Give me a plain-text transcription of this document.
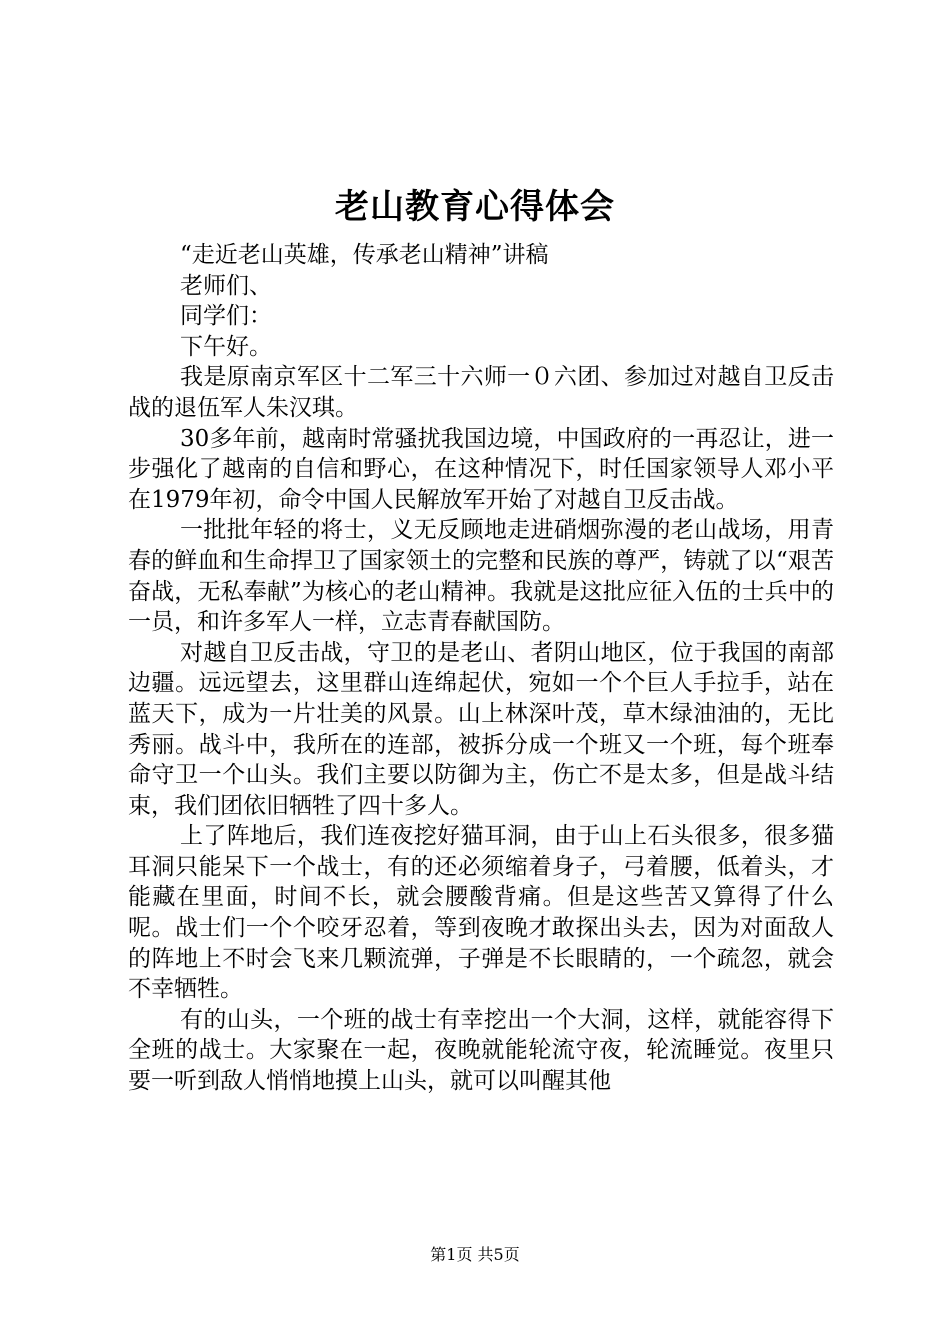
老山教育心得体会

“走近老山英雄，传承老山精神”讲稿

老师们、

同学们：

下午好。

我是原南京军区十二军三十六师一０六团、参加过对越自卫反击战的退伍军人朱汉琪。

30多年前，越南时常骚扰我国边境，中国政府的一再忍让，进一步强化了越南的自信和野心，在这种情况下，时任国家领导人邓小平在1979年初，命令中国人民解放军开始了对越自卫反击战。

一批批年轻的将士，义无反顾地走进硝烟弥漫的老山战场，用青春的鲜血和生命捍卫了国家领土的完整和民族的尊严，铸就了以“艰苦奋战，无私奉献”为核心的老山精神。我就是这批应征入伍的士兵中的一员，和许多军人一样，立志青春献国防。

对越自卫反击战，守卫的是老山、者阴山地区，位于我国的南部边疆。远远望去，这里群山连绵起伏，宛如一个个巨人手拉手，站在蓝天下，成为一片壮美的风景。山上林深叶茂，草木绿油油的，无比秀丽。战斗中，我所在的连部，被拆分成一个班又一个班，每个班奉命守卫一个山头。我们主要以防御为主，伤亡不是太多，但是战斗结束，我们团依旧牺牲了四十多人。

上了阵地后，我们连夜挖好猫耳洞，由于山上石头很多，很多猫耳洞只能呆下一个战士，有的还必须缩着身子，弓着腰，低着头，才能藏在里面，时间不长，就会腰酸背痛。但是这些苦又算得了什么呢。战士们一个个咬牙忍着，等到夜晚才敢探出头去，因为对面敌人的阵地上不时会飞来几颗流弹，子弹是不长眼睛的，一个疏忽，就会不幸牺牲。

有的山头，一个班的战士有幸挖出一个大洞，这样，就能容得下全班的战士。大家聚在一起，夜晚就能轮流守夜，轮流睡觉。夜里只要一听到敌人悄悄地摸上山头，就可以叫醒其他

第1页 共5页
